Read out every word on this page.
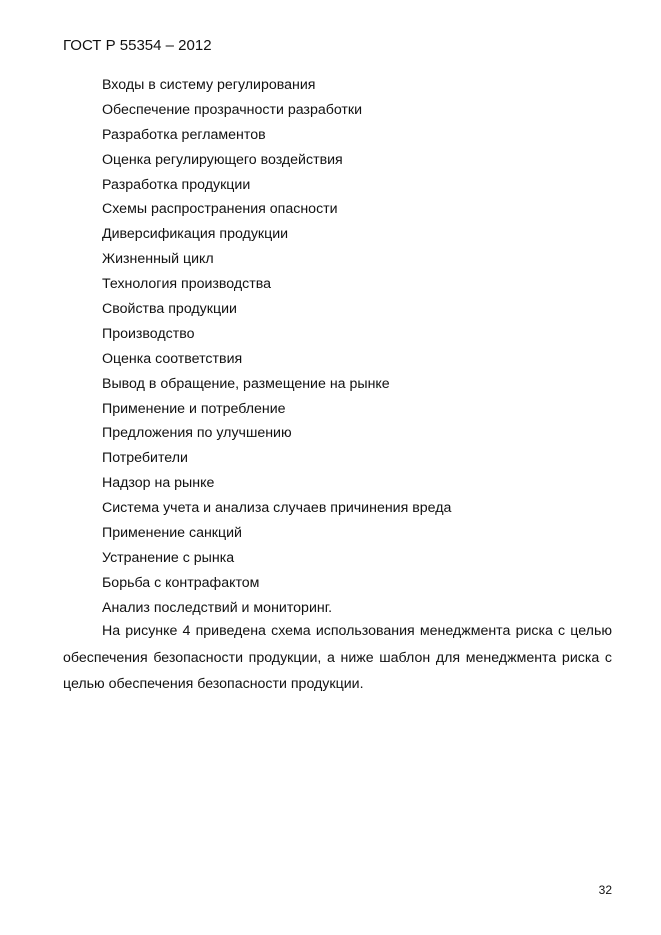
ГОСТ Р 55354 – 2012
Входы в систему регулирования
Обеспечение прозрачности разработки
Разработка регламентов
Оценка регулирующего воздействия
Разработка продукции
Схемы распространения опасности
Диверсификация продукции
Жизненный цикл
Технология производства
Свойства продукции
Производство
Оценка соответствия
Вывод в обращение, размещение на рынке
Применение и потребление
Предложения по улучшению
Потребители
Надзор на рынке
Система учета и анализа случаев причинения вреда
Применение санкций
Устранение с рынка
Борьба с контрафактом
Анализ последствий и мониторинг.

На рисунке 4 приведена схема использования менеджмента риска с целью обеспечения безопасности продукции, а ниже шаблон для менеджмента риска с целью обеспечения безопасности продукции.

32
